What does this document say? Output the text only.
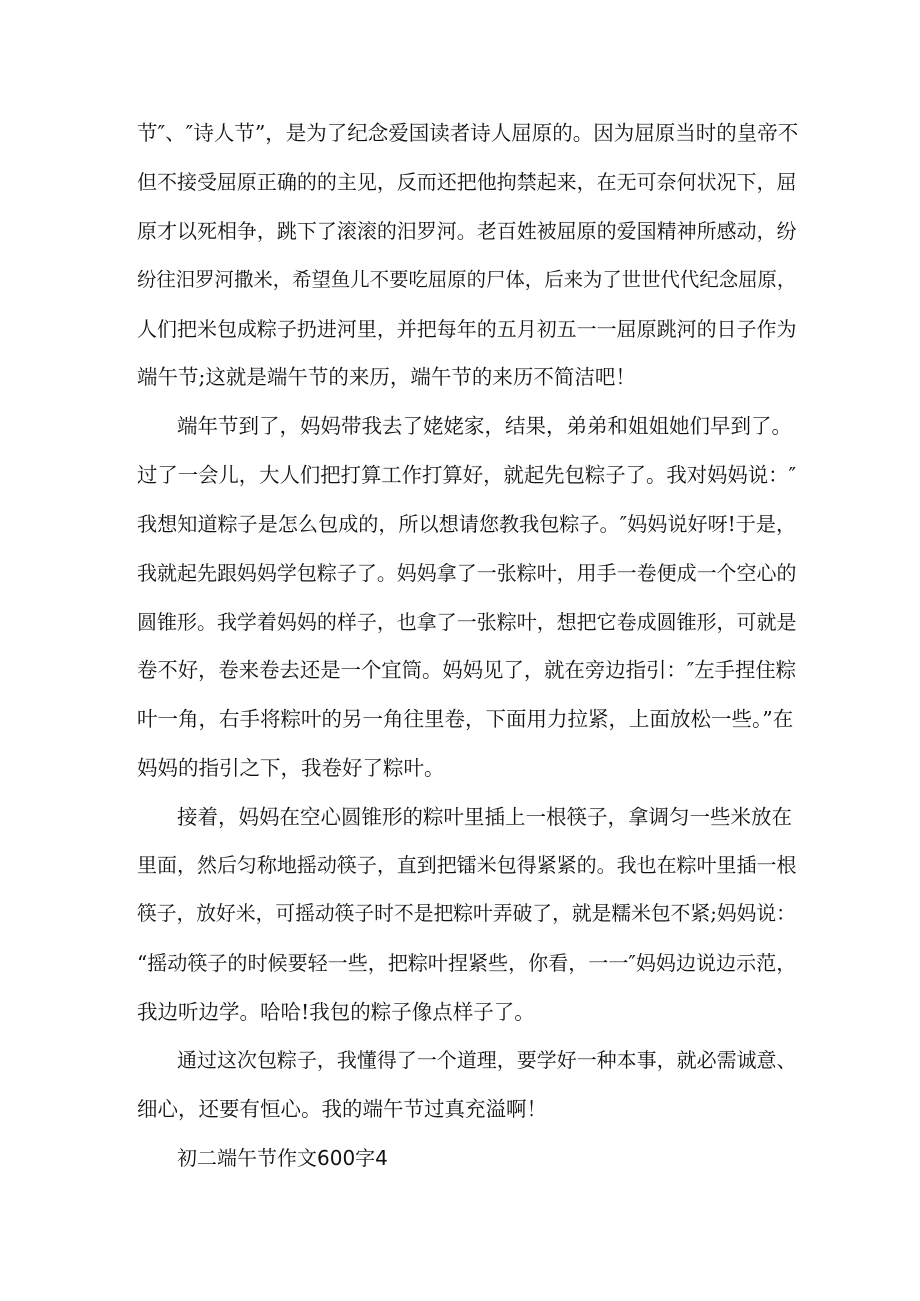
节″、″诗人节”，是为了纪念爱国读者诗人屈原的。因为屈原当时的皇帝不
但不接受屈原正确的的主见，反而还把他拘禁起来，在无可奈何状况下，屈
原才以死相争，跳下了滚滚的汨罗河。老百姓被屈原的爱国精神所感动，纷
纷往汨罗河撒米，希望鱼儿不要吃屈原的尸体，后来为了世世代代纪念屈原，
人们把米包成粽子扔进河里，并把每年的五月初五一一屈原跳河的日子作为
端午节;这就是端午节的来历，端午节的来历不简洁吧！
端年节到了，妈妈带我去了姥姥家，结果，弟弟和姐姐她们早到了。
过了一会儿，大人们把打算工作打算好，就起先包粽子了。我对妈妈说：″
我想知道粽子是怎么包成的，所以想请您教我包粽子。″妈妈说好呀!于是，
我就起先跟妈妈学包粽子了。妈妈拿了一张粽叶，用手一卷便成一个空心的
圆锥形。我学着妈妈的样子，也拿了一张粽叶，想把它卷成圆锥形，可就是
卷不好，卷来卷去还是一个宜筒。妈妈见了，就在旁边指引：″左手捏住粽
叶一角，右手将粽叶的另一角往里卷，下面用力拉紧，上面放松一些。”在
妈妈的指引之下，我卷好了粽叶。
接着，妈妈在空心圆锥形的粽叶里插上一根筷子，拿调匀一些米放在
里面，然后匀称地摇动筷子，直到把镭米包得紧紧的。我也在粽叶里插一根
筷子，放好米，可摇动筷子时不是把粽叶弄破了，就是糯米包不紧;妈妈说：
“摇动筷子的时候要轻一些，把粽叶捏紧些，你看，一一″妈妈边说边示范，
我边听边学。哈哈!我包的粽子像点样子了。
通过这次包粽子，我懂得了一个道理，要学好一种本事，就必需诚意、
细心，还要有恒心。我的端午节过真充溢啊！
初二端午节作文600字4
